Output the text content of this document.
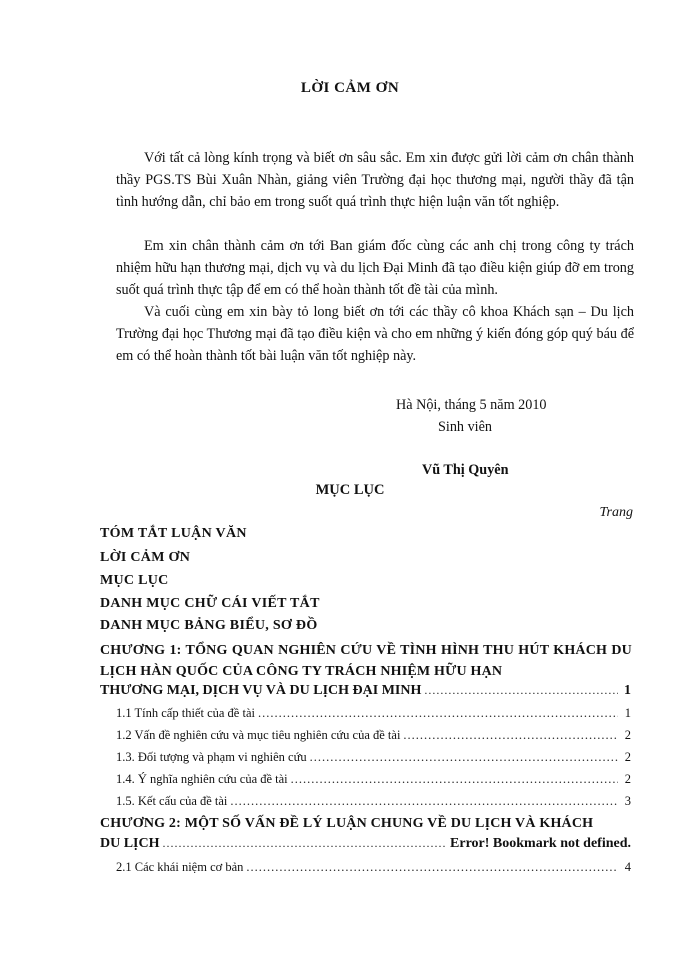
LỜI CẢM ƠN

Với tất cả lòng kính trọng và biết ơn sâu sắc. Em xin được gửi lời cảm ơn chân thành thầy PGS.TS Bùi Xuân Nhàn, giảng viên Trường đại học thương mại, người thầy đã tận tình hướng dẫn, chỉ bảo em trong suốt quá trình thực hiện luận văn tốt nghiệp.

Em xin chân thành cảm ơn tới Ban giám đốc cùng các anh chị trong công ty trách nhiệm hữu hạn thương mại, dịch vụ và du lịch Đại Minh đã tạo điều kiện giúp đỡ em trong suốt quá trình thực tập để em có thể hoàn thành tốt đề tài của mình.

Và cuối cùng em xin bày tỏ long biết ơn tới các thầy cô khoa Khách sạn – Du lịch Trường đại học Thương mại đã tạo điều kiện và cho em những ý kiến đóng góp quý báu để em có thể hoàn thành tốt bài luận văn tốt nghiệp này.

Hà Nội, tháng 5 năm 2010
Sinh viên
Vũ Thị Quyên
MỤC LỤC
Trang
TÓM TẮT LUẬN VĂN
LỜI CẢM ƠN
MỤC LỤC
DANH MỤC CHỮ CÁI VIẾT TẮT
DANH MỤC BẢNG BIỂU, SƠ ĐỒ
CHƯƠNG 1: TỔNG QUAN NGHIÊN CỨU VỀ TÌNH HÌNH THU HÚT KHÁCH DU LỊCH HÀN QUỐC CỦA CÔNG TY TRÁCH NHIỆM HỮU HẠN
THƯƠNG MẠI, DỊCH VỤ VÀ DU LỊCH ĐẠI MINH .....	1
1.1 Tính cấp thiết của đề tài .....	1
1.2 Vấn đề nghiên cứu và mục tiêu nghiên cứu của đề tài .....	2
1.3. Đối tượng và phạm vi nghiên cứu .....	2
1.4. Ý nghĩa nghiên cứu của đề tài .....	2
1.5. Kết cấu của đề tài .....	3
CHƯƠNG 2: MỘT SỐ VẤN ĐỀ LÝ LUẬN CHUNG VỀ DU LỊCH VÀ KHÁCH
DU LỊCH .....	Error! Bookmark not defined.
2.1 Các khái niệm cơ bản .....	4
